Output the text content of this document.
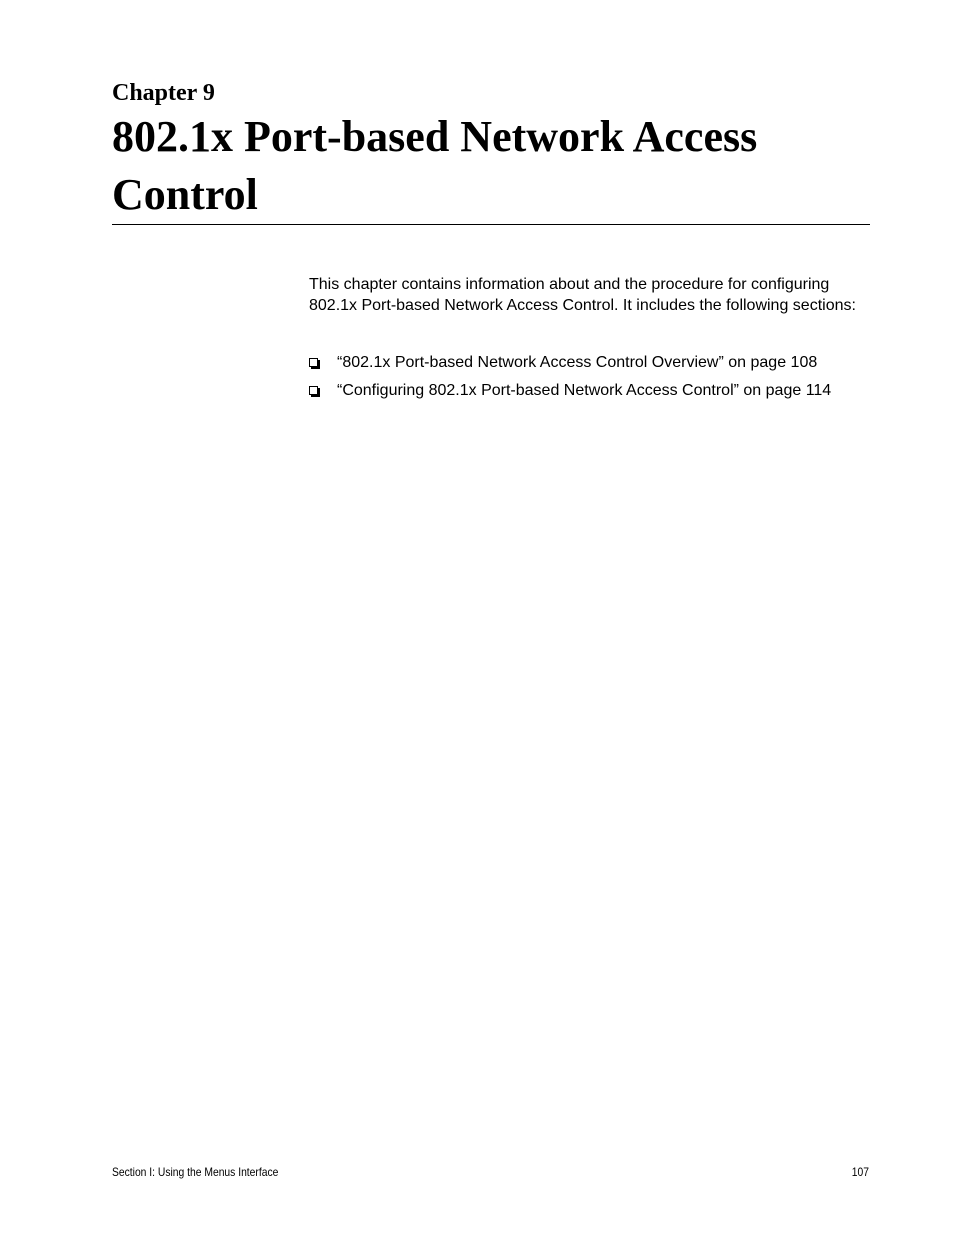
Chapter 9
802.1x Port-based Network Access Control

This chapter contains information about and the procedure for configuring 802.1x Port-based Network Access Control. It includes the following sections:

“802.1x Port-based Network Access Control Overview” on page 108
“Configuring 802.1x Port-based Network Access Control” on page 114
Section I: Using the Menus Interface	107
